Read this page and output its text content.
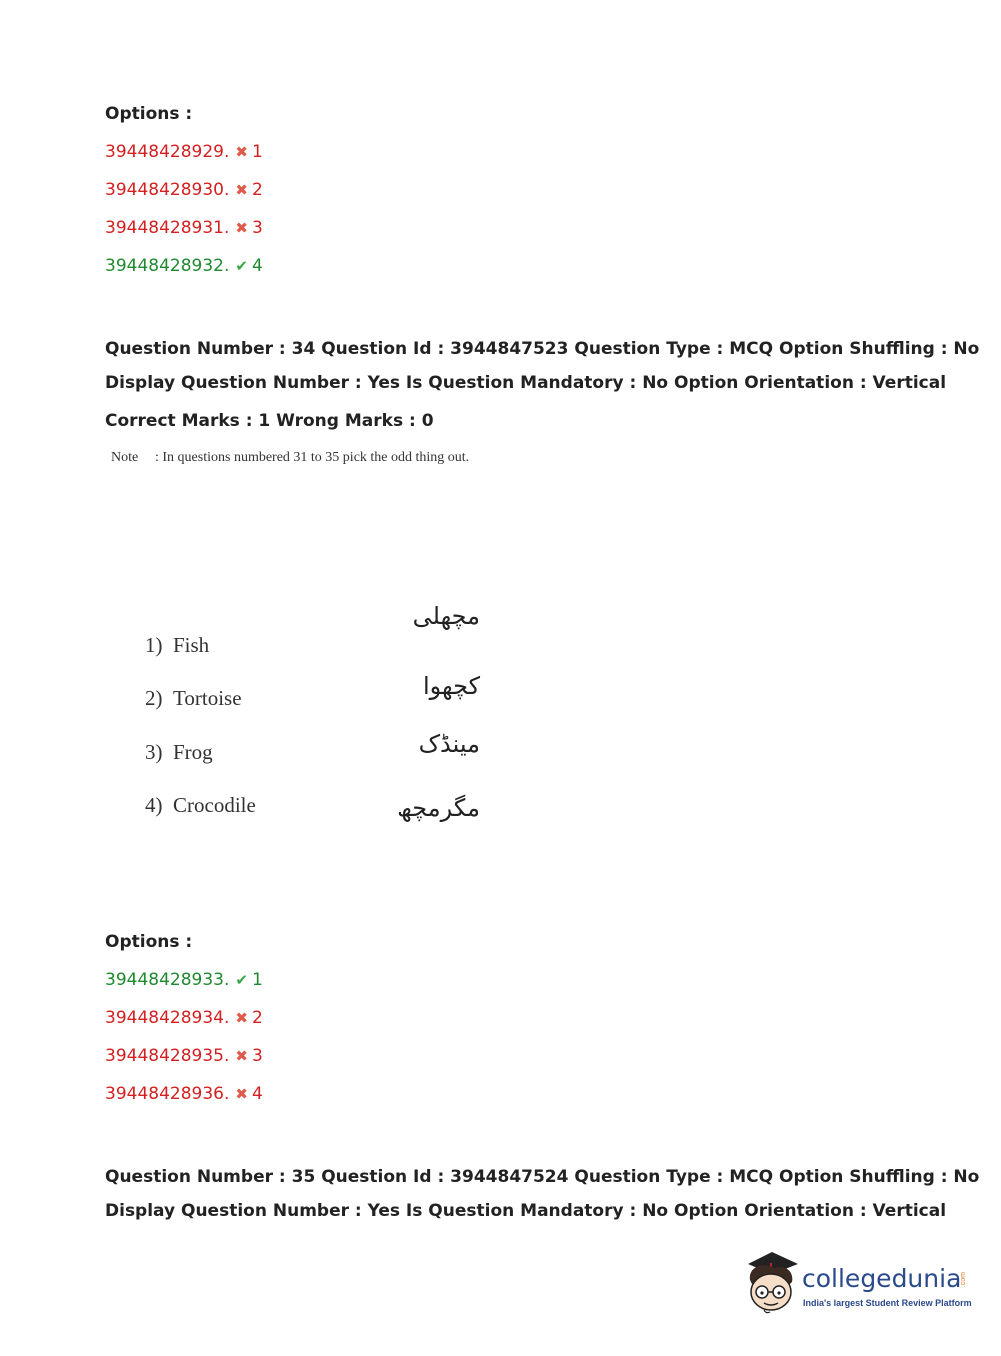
Options :
39448428929. ✖ 1
39448428930. ✖ 2
39448428931. ✖ 3
39448428932. ✔ 4
Question Number : 34 Question Id : 3944847523 Question Type : MCQ Option Shuffling : No
Display Question Number : Yes Is Question Mandatory : No Option Orientation : Vertical
Correct Marks : 1 Wrong Marks : 0
Note : In questions numbered 31 to 35 pick the odd thing out.
1) Fish
2) Tortoise
3) Frog
4) Crocodile
مچھلی
کچھوا
مینڈک
مگرمچھ
Options :
39448428933. ✔ 1
39448428934. ✖ 2
39448428935. ✖ 3
39448428936. ✖ 4
Question Number : 35 Question Id : 3944847524 Question Type : MCQ Option Shuffling : No
Display Question Number : Yes Is Question Mandatory : No Option Orientation : Vertical
collegedunia
.com
India's largest Student Review Platform
